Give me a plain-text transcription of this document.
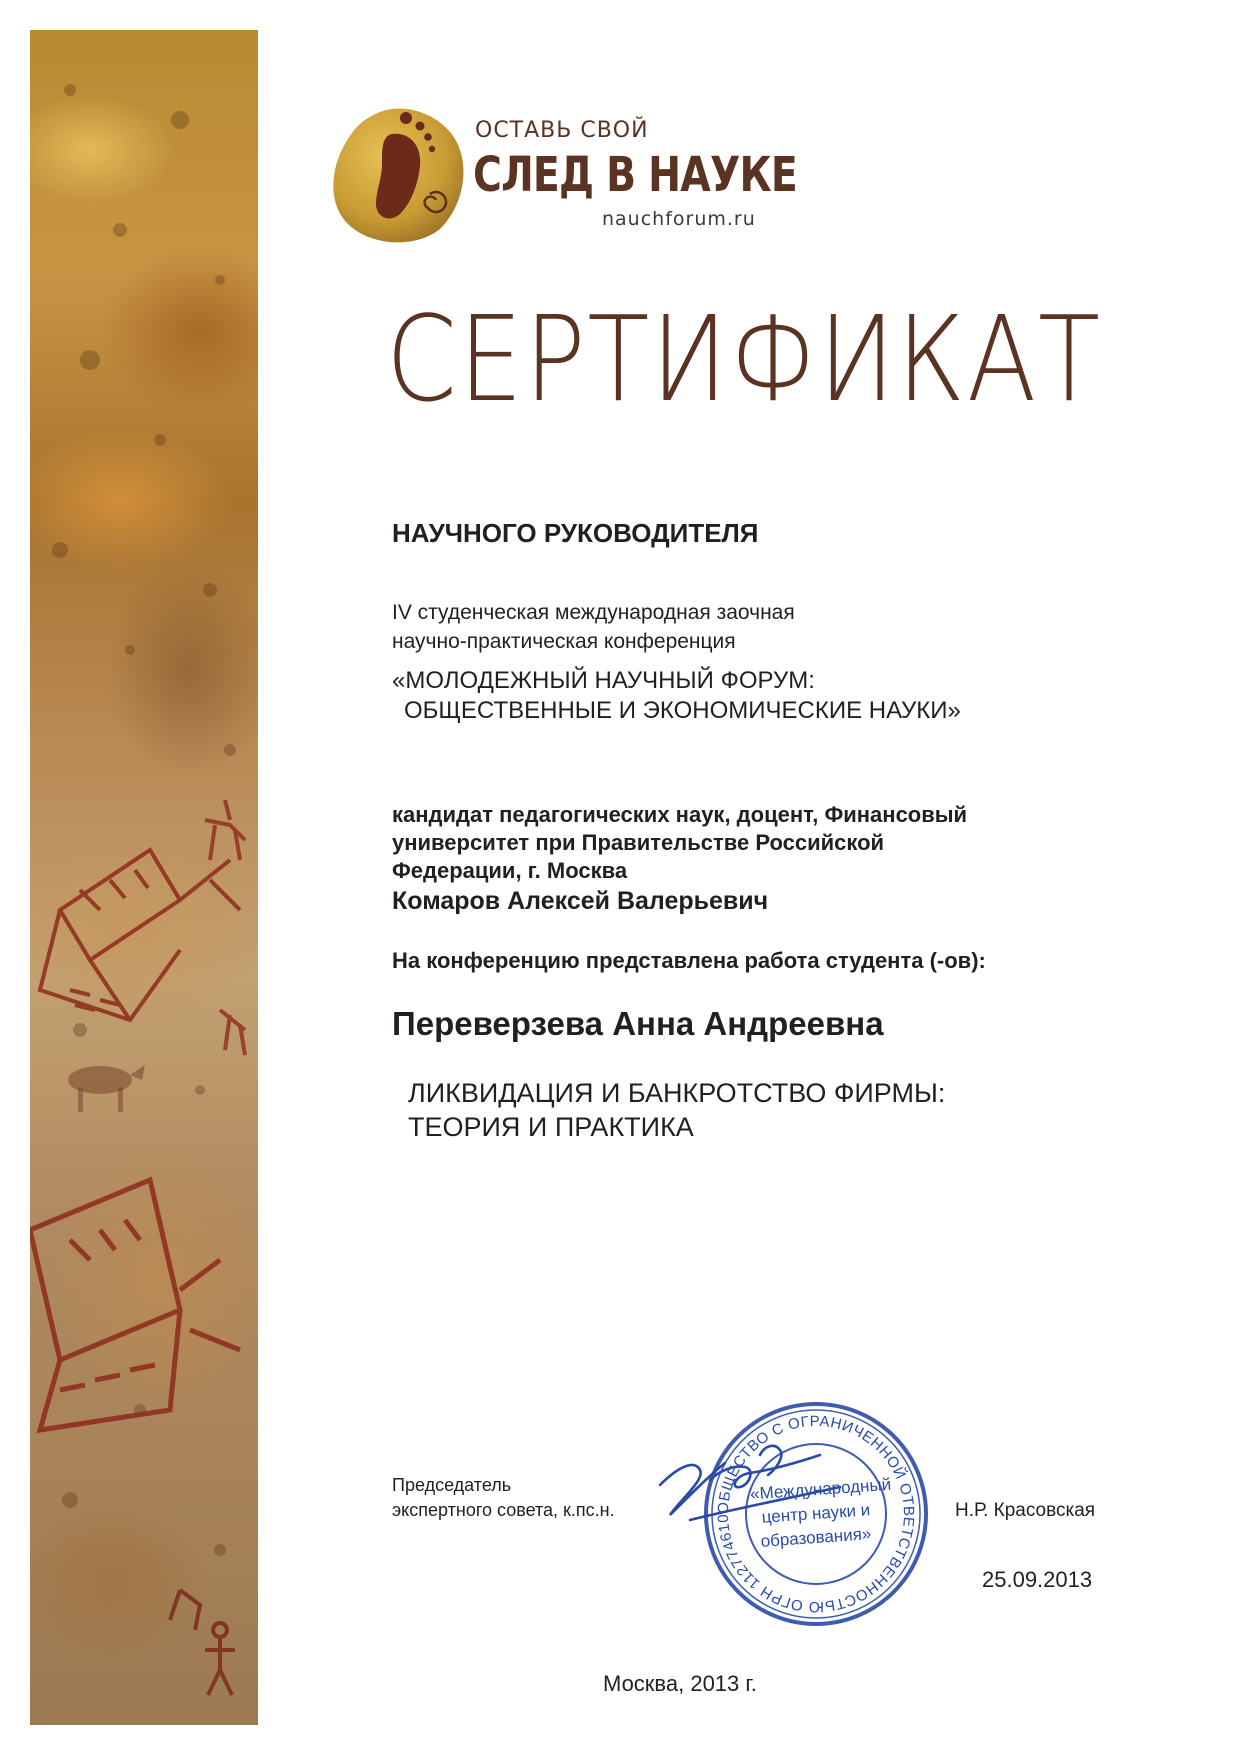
ОСТАВЬ СВОЙ
СЛЕД В НАУКЕ
nauchforum.ru
СЕРТИФИКАТ
НАУЧНОГО РУКОВОДИТЕЛЯ
IV студенческая международная заочная
научно-практическая конференция
«МОЛОДЕЖНЫЙ НАУЧНЫЙ ФОРУМ:
ОБЩЕСТВЕННЫЕ И ЭКОНОМИЧЕСКИЕ НАУКИ»
кандидат педагогических наук, доцент, Финансовый
университет при Правительстве Российской
Федерации, г. Москва
Комаров Алексей Валерьевич
На конференцию представлена работа студента (-ов):
Переверзева Анна Андреевна
ЛИКВИДАЦИЯ И БАНКРОТСТВО ФИРМЫ:
ТЕОРИЯ И ПРАКТИКА
Председатель
экспертного совета, к.пс.н.	ОБЩЕСТВО С ОГРАНИЧЕННОЙ ОТВЕТСТВЕННОСТЬЮ ОГРН 112774610
«Международный
центр науки и
образования»
Н.Р. Красовская
25.09.2013
Москва, 2013 г.
